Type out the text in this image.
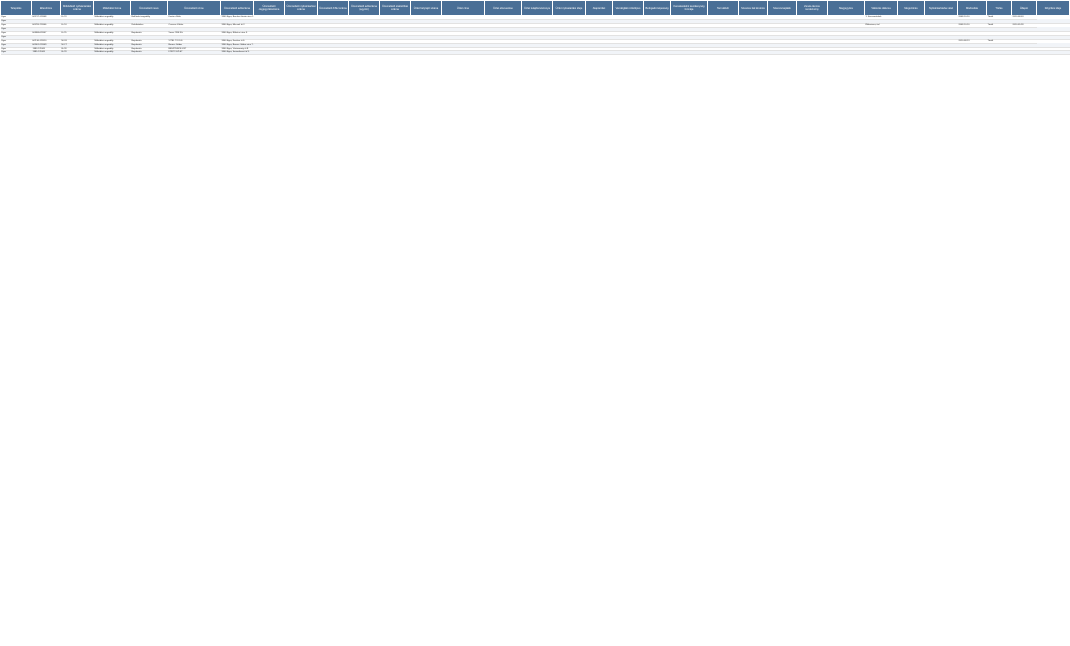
Település	Ellenőrzés	Működtető nyilvántartási száma	Működési forma	Üzemeltető neve	Üzemeltető címe	Üzemeltető adószáma	Üzemeltető cégjegyzékszáma	Üzemeltető nyilvántartási száma	Üzemeltető KSH száma	Üzemeltető adószáma (egyéni)	Üzemeltető statisztikai száma	Üzlet helyrajzi száma	Üzlet címe	Üzlet elnevezése	Üzlet tulajdonviszonya	Üzlet nyitvatartási ideje	Alapterület	Vendéglátó üzlettípus	Befogadó képesség	Kereskedelmi tevékenység formája	Termékkör	Szeszes ital kimérés	Szerencsejáték	Zenés-táncos rendezvény	Megjegyzés	Változás dátuma	Megszűnés	Nyilvántartásba vétel	Módosítás	Törlés	Állapot	Rögzítés ideje
Eger	H3217-1/2008	E-C3	Működési engedély	Bolt/üzlet engedély	Kovács Béla	3300 Eger, Bocskai István utca 1.																				1. Szeszesitalok			2008.10.10	Törölt	2010.08.03	
Eger																																
Eger	H3765-7/2006	E-C4	Működési engedély	Üzletköteles	Cseresz Zoltán	3300 Eger, Mecsek út 2.																				Élelmiszer, ital			2008.10.10	Törölt	2010.05.28	
Eger																																
Eger	H0986-6/2007	E-C5	Működési engedély	Bejelentés	Veres CBS Kft.	3300 Eger, Rákóczi utca 5.																										
Eger																																
Eger	H2130-1/2010	M-C6	Működési engedély	Bejelentés	VITEL TOOLS	3300 Eger, Kertész út 6.																							2010.08.13	Törölt		
Eger	H3301-2/2009	M-C7	Működési engedély	Bejelentés	Baross Gábor	3300 Eger, Baross Gábor utca 7.																										
Eger	1983-1/2009	B-C8	Működési engedély	Bejelentés	BESZTERCE KFT	3300 Eger, Vörösmarty út 8.																										
Eger	1985-1/2009	B-C9	Működési engedély	Bejelentés	FŐÚTI ÜZLET	3300 Eger, Szövetkezet út 9.																										
